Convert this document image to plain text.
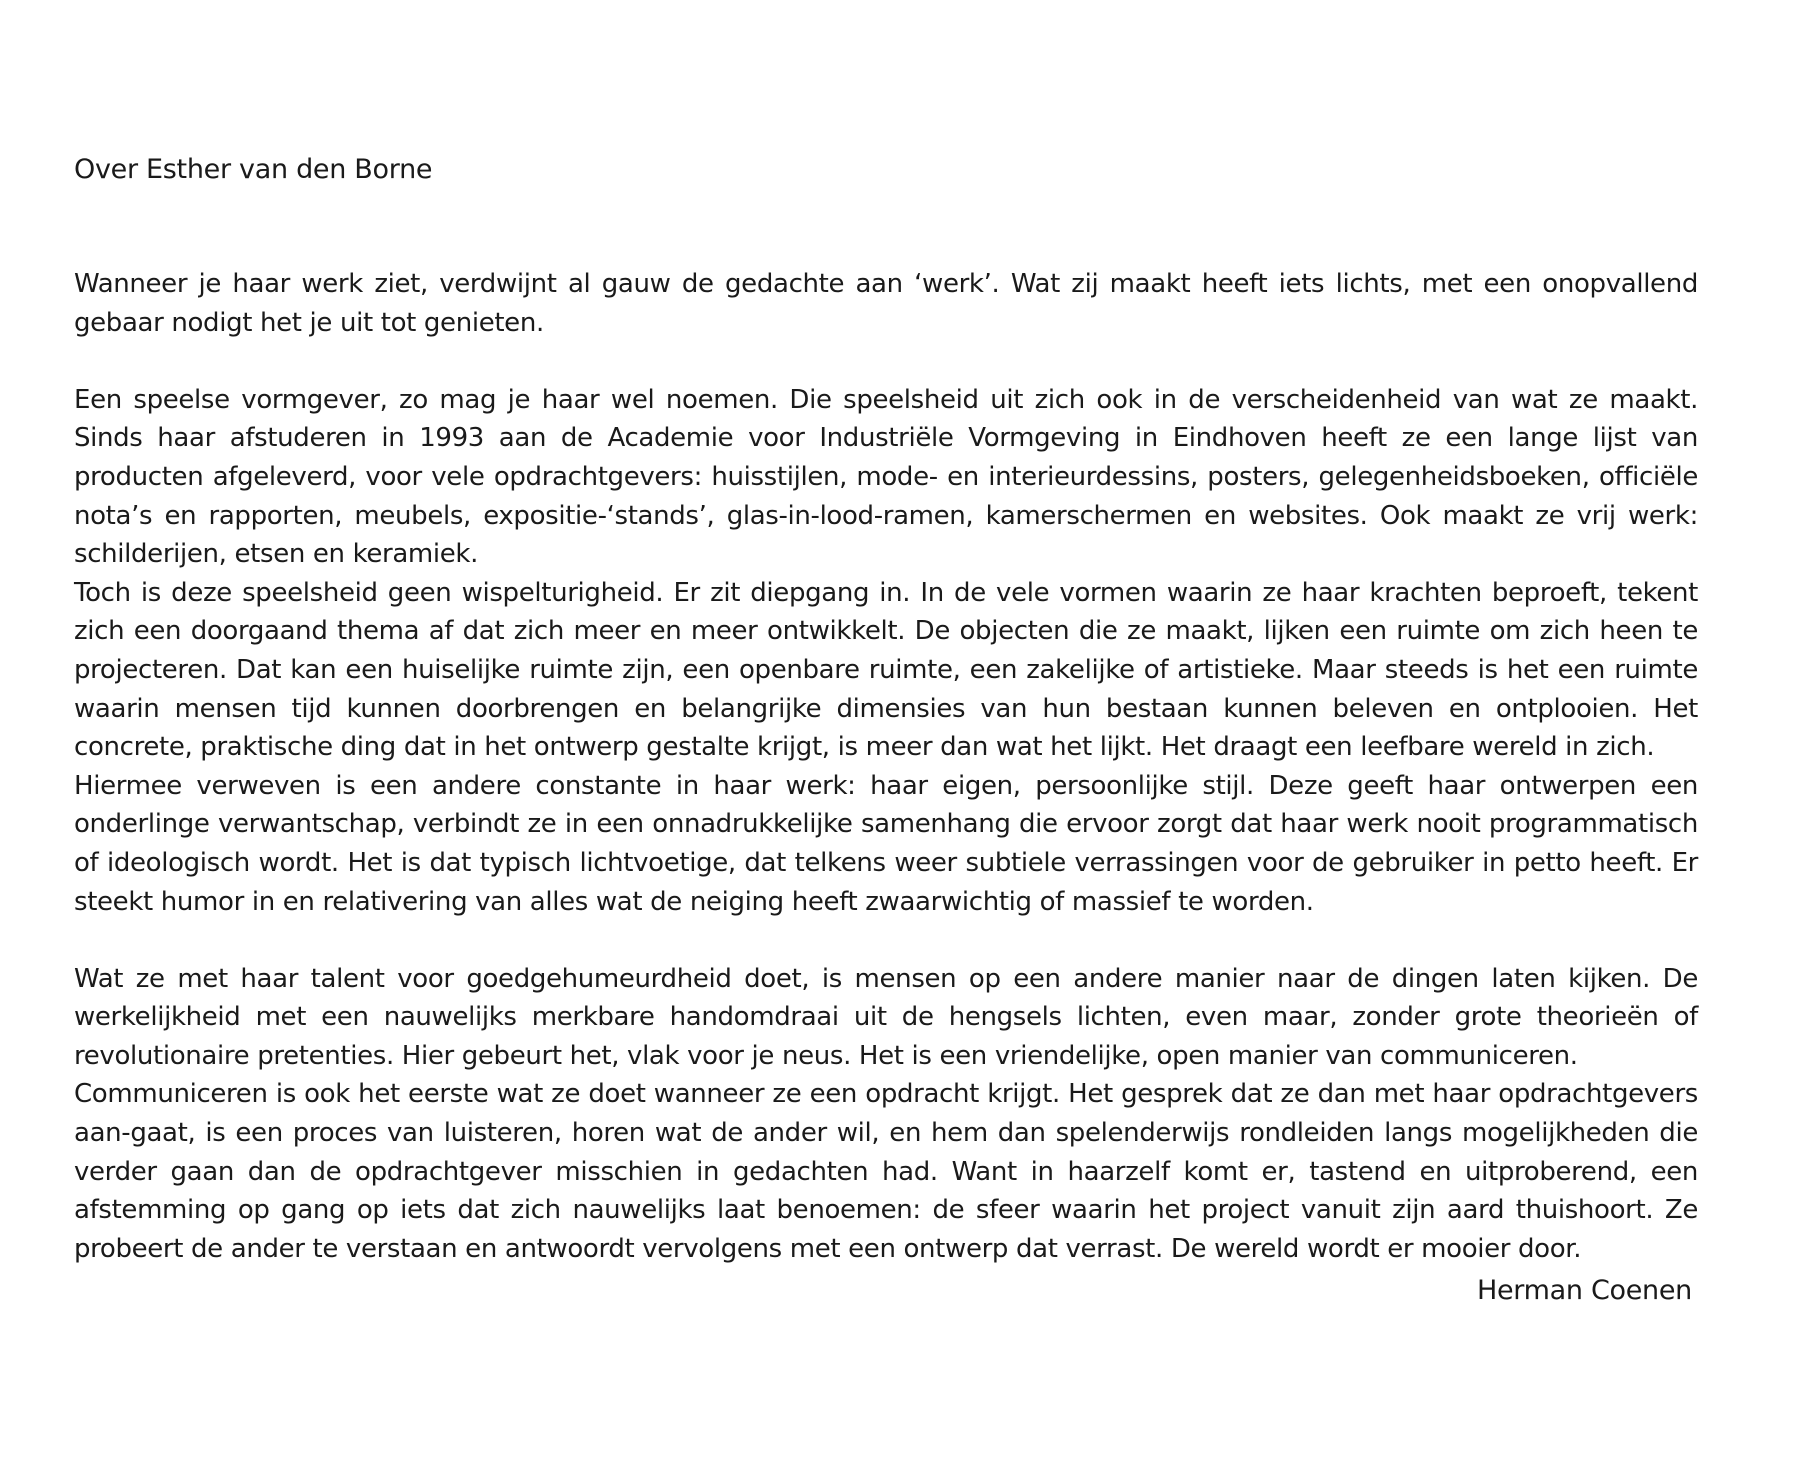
Over Esther van den Borne

Wanneer je haar werk ziet, verdwijnt al gauw de gedachte aan ‘werk’. Wat zij maakt heeft iets lichts, met een onopvallend gebaar nodigt het je uit tot genieten.

Een speelse vormgever, zo mag je haar wel noemen. Die speelsheid uit zich ook in de verscheidenheid van wat ze maakt. Sinds haar afstuderen in 1993 aan de Academie voor Industriële Vormgeving in Eindhoven heeft ze een lange lijst van producten afgeleverd, voor vele opdrachtgevers: huisstijlen, mode- en interieurdessins, posters, gelegenheidsboeken, officiële nota’s en rapporten, meubels, expositie-‘stands’, glas-in-lood-ramen, kamerschermen en websites. Ook maakt ze vrij werk: schilderijen, etsen en keramiek.

Toch is deze speelsheid geen wispelturigheid. Er zit diepgang in. In de vele vormen waarin ze haar krachten beproeft, tekent zich een doorgaand thema af dat zich meer en meer ontwikkelt. De objecten die ze maakt, lijken een ruimte om zich heen te projecteren. Dat kan een huiselijke ruimte zijn, een openbare ruimte, een zakelijke of artistieke. Maar steeds is het een ruimte waarin mensen tijd kunnen doorbrengen en belangrijke dimensies van hun bestaan kunnen beleven en ontplooien. Het concrete, praktische ding dat in het ontwerp gestalte krijgt, is meer dan wat het lijkt. Het draagt een leefbare wereld in zich.

Hiermee verweven is een andere constante in haar werk: haar eigen, persoonlijke stijl. Deze geeft haar ontwerpen een onderlinge verwantschap, verbindt ze in een onnadrukkelijke samenhang die ervoor zorgt dat haar werk nooit programmatisch of ideologisch wordt. Het is dat typisch lichtvoetige, dat telkens weer subtiele verrassingen voor de gebruiker in petto heeft. Er steekt humor in en relativering van alles wat de neiging heeft zwaarwichtig of massief te worden.

Wat ze met haar talent voor goedgehumeurdheid doet, is mensen op een andere manier naar de dingen laten kijken. De werkelijkheid met een nauwelijks merkbare handomdraai uit de hengsels lichten, even maar, zonder grote theorieën of revolutionaire pretenties. Hier gebeurt het, vlak voor je neus. Het is een vriendelijke, open manier van communiceren.

Communiceren is ook het eerste wat ze doet wanneer ze een opdracht krijgt. Het gesprek dat ze dan met haar opdrachtgevers aan-gaat, is een proces van luisteren, horen wat de ander wil, en hem dan spelenderwijs rondleiden langs mogelijkheden die verder gaan dan de opdrachtgever misschien in gedachten had. Want in haarzelf komt er, tastend en uitproberend, een afstemming op gang op iets dat zich nauwelijks laat benoemen: de sfeer waarin het project vanuit zijn aard thuishoort. Ze probeert de ander te verstaan en antwoordt vervolgens met een ontwerp dat verrast. De wereld wordt er mooier door.

Herman Coenen
